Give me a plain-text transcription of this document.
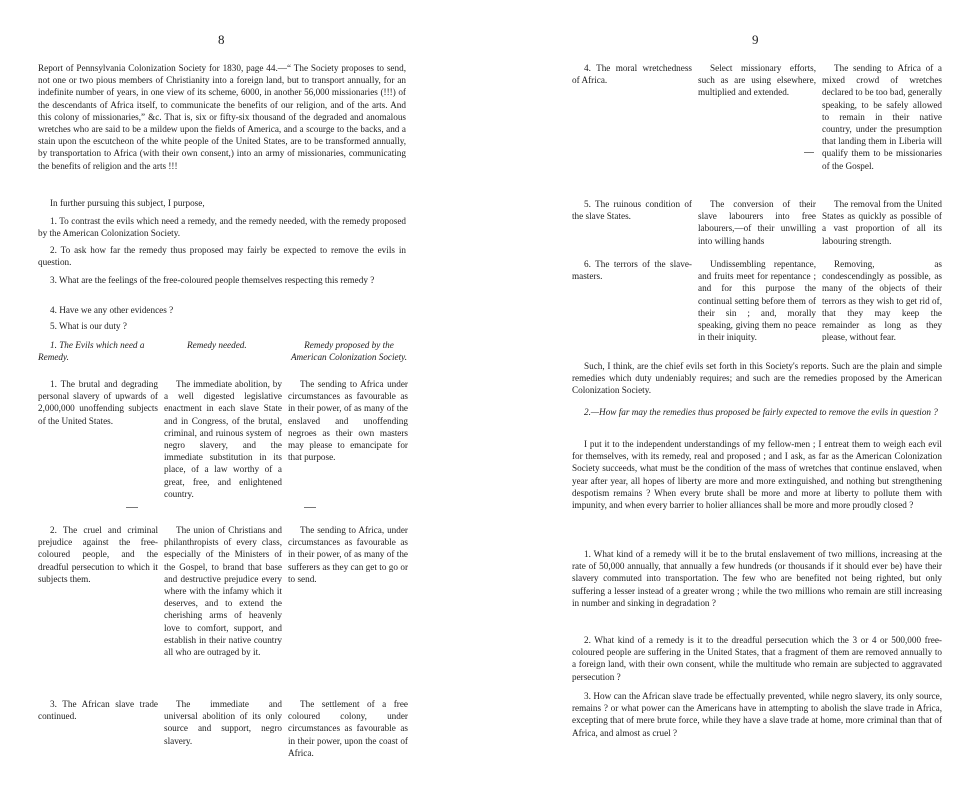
8

Report of Pennsylvania Colonization Society for 1830, page 44.—“ The Society proposes to send, not one or two pious members of Christianity into a foreign land, but to transport annually, for an indefinite number of years, in one view of its scheme, 6000, in another 56,000 missionaries (!!!) of the descendants of Africa itself, to communicate the benefits of our religion, and of the arts. And this colony of missionaries,” &c. That is, six or fifty-six thousand of the degraded and anomalous wretches who are said to be a mildew upon the fields of America, and a scourge to the backs, and a stain upon the escutcheon of the white people of the United States, are to be transformed annually, by transportation to Africa (with their own consent,) into an army of missionaries, communicating the benefits of religion and the arts !!!

In further pursuing this subject, I purpose,

1. To contrast the evils which need a remedy, and the remedy needed, with the remedy proposed by the American Colonization Society.

2. To ask how far the remedy thus proposed may fairly be expected to remove the evils in question.

3. What are the feelings of the free-coloured people themselves respecting this remedy ?

4. Have we any other evidences ?

5. What is our duty ?

1. The Evils which need a Remedy.

Remedy needed.	Remedy proposed by the American Colonization Society.

1. The brutal and degrading personal slavery of upwards of 2,000,000 unoffending subjects of the United States.

The immediate abolition, by a well digested legislative enactment in each slave State and in Congress, of the brutal, criminal, and ruinous system of negro slavery, and the immediate substitution in its place, of a law worthy of a great, free, and enlightened country.

The sending to Africa under circumstances as favourable as in their power, of as many of the enslaved and unoffending negroes as their own masters may please to emancipate for that purpose.

2. The cruel and criminal prejudice against the free-coloured people, and the dreadful persecution to which it subjects them.

The union of Christians and philanthropists of every class, especially of the Ministers of the Gospel, to brand that base and destructive prejudice every where with the infamy which it deserves, and to extend the cherishing arms of heavenly love to comfort, support, and establish in their native country all who are outraged by it.

The sending to Africa, under circumstances as favourable as in their power, of as many of the sufferers as they can get to go or to send.

3. The African slave trade continued.

The immediate and universal abolition of its only source and support, negro slavery.

The settlement of a free coloured colony, under circumstances as favourable as in their power, upon the coast of Africa.

9

4. The moral wretchedness of Africa.

Select missionary efforts, such as are using elsewhere, multiplied and extended.

The sending to Africa of a mixed crowd of wretches declared to be too bad, generally speaking, to be safely allowed to remain in their native country, under the presumption that landing them in Liberia will qualify them to be missionaries of the Gospel.

5. The ruinous condition of the slave States.

The conversion of their slave labourers into free labourers,—of their unwilling into willing hands

The removal from the United States as quickly as possible of a vast proportion of all its labouring strength.

6. The terrors of the slave-masters.

Undissembling repentance, and fruits meet for repentance ; and for this purpose the continual setting before them of their sin ; and, morally speaking, giving them no peace in their iniquity.

Removing, as condescendingly as possible, as many of the objects of their terrors as they wish to get rid of, that they may keep the remainder as long as they please, without fear.

Such, I think, are the chief evils set forth in this Society's reports. Such are the plain and simple remedies which duty undeniably requires; and such are the remedies proposed by the American Colonization Society.

2.—How far may the remedies thus proposed be fairly expected to remove the evils in question ?

I put it to the independent understandings of my fellow-men ; I entreat them to weigh each evil for themselves, with its remedy, real and proposed ; and I ask, as far as the American Colonization Society succeeds, what must be the condition of the mass of wretches that continue enslaved, when year after year, all hopes of liberty are more and more extinguished, and nothing but strengthening despotism remains ? When every brute shall be more and more at liberty to pollute them with impunity, and when every barrier to holier alliances shall be more and more proudly closed ?

1. What kind of a remedy will it be to the brutal enslavement of two millions, increasing at the rate of 50,000 annually, that annually a few hundreds (or thousands if it should ever be) have their slavery commuted into transportation. The few who are benefited not being righted, but only suffering a lesser instead of a greater wrong ; while the two millions who remain are still increasing in number and sinking in degradation ?

2. What kind of a remedy is it to the dreadful persecution which the 3 or 4 or 500,000 free-coloured people are suffering in the United States, that a fragment of them are removed annually to a foreign land, with their own consent, while the multitude who remain are subjected to aggravated persecution ?

3. How can the African slave trade be effectually prevented, while negro slavery, its only source, remains ? or what power can the Americans have in attempting to abolish the slave trade in Africa, excepting that of mere brute force, while they have a slave trade at home, more criminal than that of Africa, and almost as cruel ?
